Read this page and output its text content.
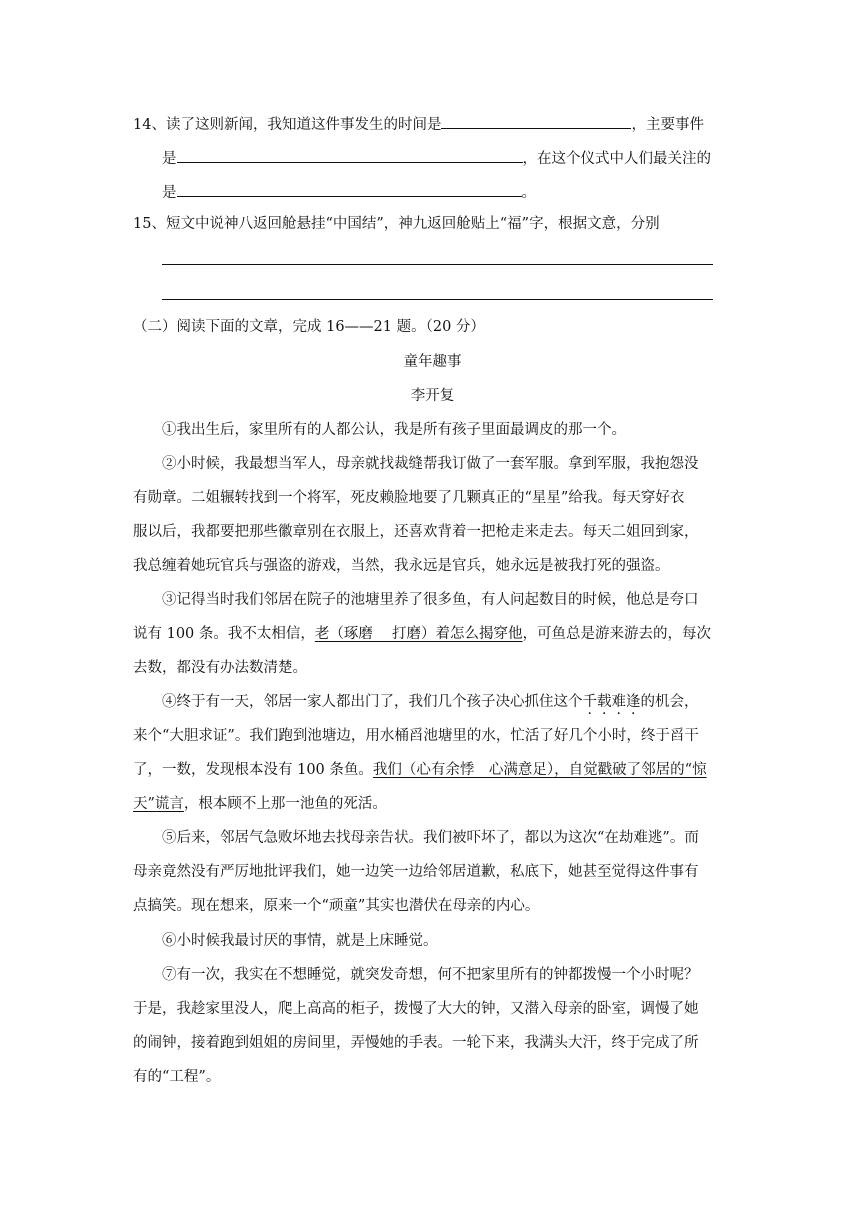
14、读了这则新闻，我知道这件事发生的时间是	，主要事件
是	，在这个仪式中人们最关注的
是	。
15、短文中说神八返回舱悬挂“中国结”，神九返回舱贴上“福”字，根据文意，分别
（二）阅读下面的文章，完成 16——21 题。（20 分）
童年趣事
李开复
①我出生后，家里所有的人都公认，我是所有孩子里面最调皮的那一个。
②小时候，我最想当军人，母亲就找裁缝帮我订做了一套军服。拿到军服，我抱怨没
有勋章。二姐辗转找到一个将军，死皮赖脸地要了几颗真正的“星星”给我。每天穿好衣
服以后，我都要把那些徽章别在衣服上，还喜欢背着一把枪走来走去。每天二姐回到家，
我总缠着她玩官兵与强盗的游戏，当然，我永远是官兵，她永远是被我打死的强盗。
③记得当时我们邻居在院子的池塘里养了很多鱼，有人问起数目的时候，他总是夸口
说有 100 条。我不太相信，老（琢磨　 打磨）着怎么揭穿他，可鱼总是游来游去的，每次
去数，都没有办法数清楚。
④终于有一天，邻居一家人都出门了，我们几个孩子决心抓住这个千载难逢的机会，
来个“大胆求证”。我们跑到池塘边，用水桶舀池塘里的水，忙活了好几个小时，终于舀干
了，一数，发现根本没有 100 条鱼。我们（心有余悸　心满意足），自觉戳破了邻居的“惊
天”谎言，根本顾不上那一池鱼的死活。
⑤后来，邻居气急败坏地去找母亲告状。我们被吓坏了，都以为这次“在劫难逃”。而
母亲竟然没有严厉地批评我们，她一边笑一边给邻居道歉，私底下，她甚至觉得这件事有
点搞笑。现在想来，原来一个“顽童”其实也潜伏在母亲的内心。
⑥小时候我最讨厌的事情，就是上床睡觉。
⑦有一次，我实在不想睡觉，就突发奇想，何不把家里所有的钟都拨慢一个小时呢？
于是，我趁家里没人，爬上高高的柜子，拨慢了大大的钟，又潜入母亲的卧室，调慢了她
的闹钟，接着跑到姐姐的房间里，弄慢她的手表。一轮下来，我满头大汗，终于完成了所
有的“工程”。
